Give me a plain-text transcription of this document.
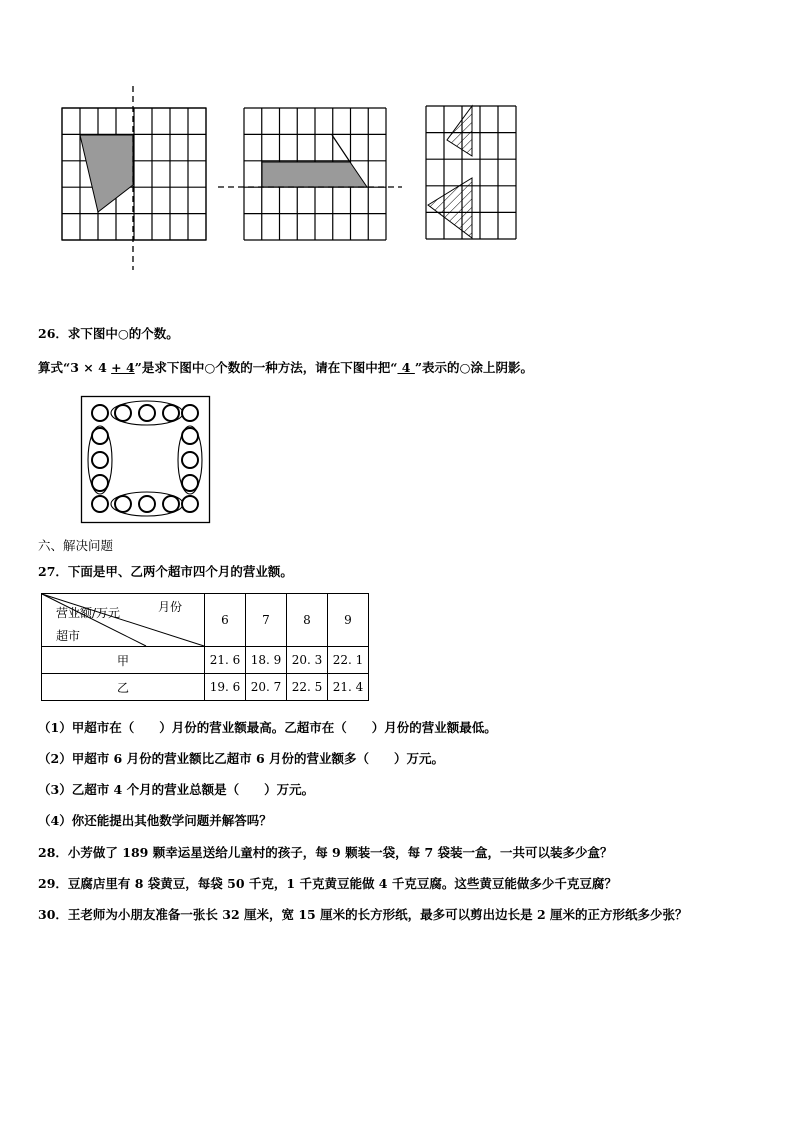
26．求下图中○的个数。
算式“3 × 4 + 4”是求下图中○个数的一种方法，请在下图中把“ 4 ”表示的○涂上阴影。
六、解决问题
27．下面是甲、乙两个超市四个月的营业额。
月份
营业额/万元
超市	6	7	8	9
甲	21. 6	18. 9	20. 3	22. 1
乙	19. 6	20. 7	22. 5	21. 4
（1）甲超市在（　　）月份的营业额最高。乙超市在（　　）月份的营业额最低。
（2）甲超市 6 月份的营业额比乙超市 6 月份的营业额多（　　）万元。
（3）乙超市 4 个月的营业总额是（　　）万元。
（4）你还能提出其他数学问题并解答吗？
28．小芳做了 189 颗幸运星送给儿童村的孩子，每 9 颗装一袋，每 7 袋装一盒，一共可以装多少盒？
29．豆腐店里有 8 袋黄豆，每袋 50 千克，1 千克黄豆能做 4 千克豆腐。这些黄豆能做多少千克豆腐？
30．王老师为小朋友准备一张长 32 厘米，宽 15 厘米的长方形纸，最多可以剪出边长是 2 厘米的正方形纸多少张？
